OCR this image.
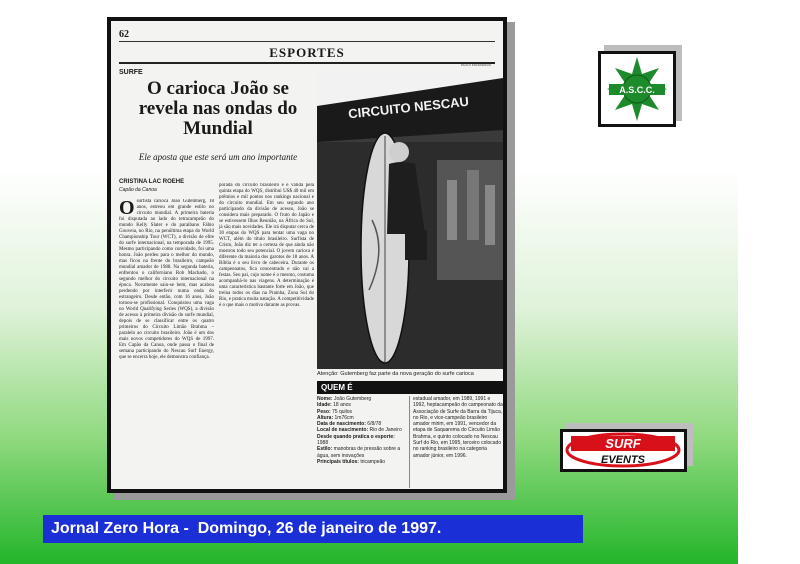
62
ESPORTES
SURFE
O carioca João se revela nas ondas do Mundial
Ele aposta que este será um ano importante
CRISTINA LAC ROEHE
Capão da Canoa
Osurfista carioca João Gutemberg, 18 anos, estreou em grande estilo no circuito mundial. A primeira bateria foi disputada ao lado do tetracampeão do mundo Kelly Slater e do paraibano Fábio Gouveia, no Rio, na penúltima etapa do World Championship Tour (WCT), a divisão de elite do surfe internacional, na temporada de 1995. Mesmo participando como convidado, foi uma honra. João perdeu para o melhor do mundo, mas ficou na frente do brasileiro, campeão mundial amador de 1988. Na segunda bateria, enfrentou o californiano Rob Machado, o segundo melhor do circuito internacional na época. Novamente saiu-se bem, mas acabou perdendo por interferir numa onda do estrangeiro. Desde então, com 16 anos, João tornou-se profissional. Conquistou uma vaga no World Qualifying Series (WQS), a divisão de acesso à primeira divisão do surfe mundial, depois de se classificar entre os quatro primeiros do Circuito Limão Brahma – paralelo ao circuito brasileiro. João é um dos mais novos competidores do WQS de 1997. Em Capão da Canoa, onde passa o final de semana participando do Nescau Surf Energy, que se encerra hoje, ele demonstra confiança.
porada do circuito brasileiro e é válida pela quinta etapa do WQS, distribui US$ 40 mil em prêmios e mil pontos nos rankings nacional e do circuito mundial. Em seu segundo ano participando da divisão de acesso, João se considera mais preparado. O fruto do Japão e se estivessem Ilhas Reunião, na África do Sul, já são mais novidades. Ele irá disputar cerca de 30 etapas do WQS para tentar uma vaga no WCT, além do título brasileiro. Surfista de Cristo, João diz ter a certeza de que ainda não mostrou todo seu potencial. O jovem carioca é diferente da maioria dos garotos de 18 anos. A Bíblia é o seu livro de cabeceira. Durante os campeonatos, fica concentrado e não vai a festas. Seu pai, cujo nome é o mesmo, costuma acompanhá-lo nas viagens. A determinação é uma característica bastante forte em João, que treina todos os dias na Prainha, Zona Sul do Rio, e pratica muita natação. A competitividade é o que mais o motiva durante as provas.
PAULO FRANKEN/ZH
CIRCUITO NESCAU
Atenção: Gutemberg faz parte da nova geração do surfe carioca
QUEM É
Nome: João Gutemberg
Idade: 18 anos
Peso: 75 quilos
Altura: 1m76cm
Data de nascimento: 6/8/78
Local de nascimento: Rio de Janeiro
Desde quando pratica o esporte: 1988
Estilo: manobras de pressão sobre a água, sem inovações
Principais títulos: tricampeão
estadual amador, em 1989, 1991 e 1992, heptacampeão do campeonato da Associação de Surfe da Barra da Tijuca, no Rio, e vice-campeão brasileiro amador mirim, em 1991, vencedor da etapa de Saquarema do Circuito Limão Brahma, e quinto colocado no Nescau Surf do Rio, em 1995, terceiro colocado no ranking brasileiro na categoria amador júnior, em 1996.
A.S.C.C.
SURF
EVENTS
Jornal Zero Hora -  Domingo, 26 de janeiro de 1997.
